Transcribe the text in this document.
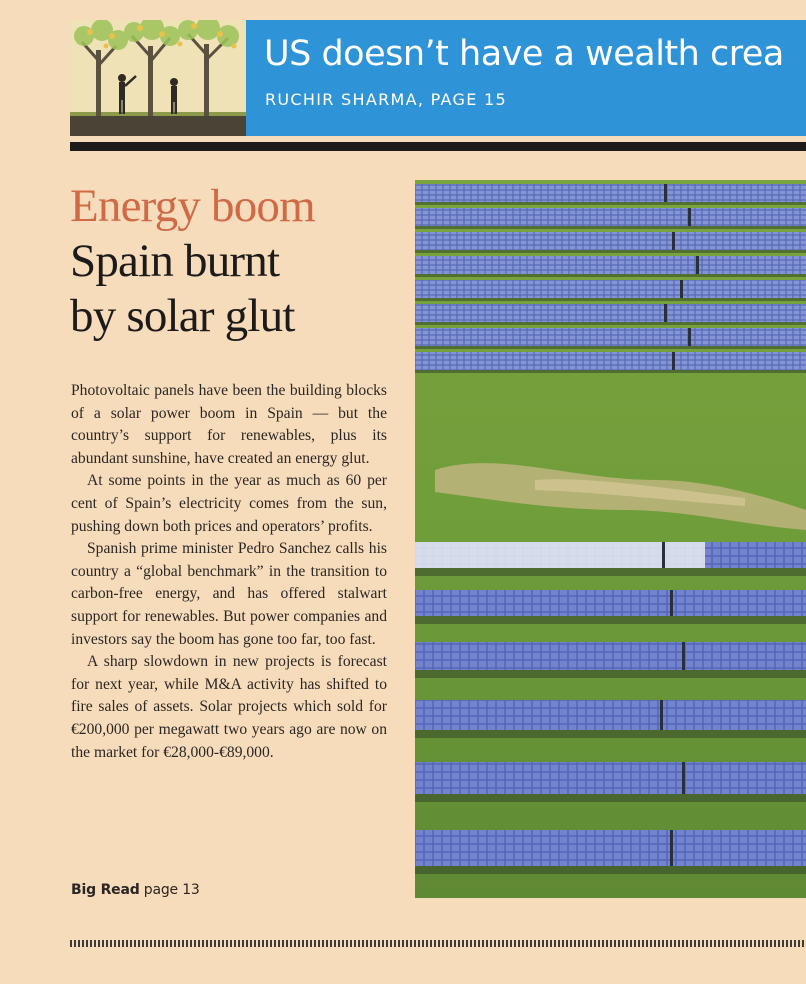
US doesn’t have a wealth crea
RUCHIR SHARMA, PAGE 15
Energy boom
Spain burnt
by solar glut

Photovoltaic panels have been the building blocks of a solar power boom in Spain — but the country’s support for renewables, plus its abundant sunshine, have created an energy glut.

At some points in the year as much as 60 per cent of Spain’s electricity comes from the sun, pushing down both prices and operators’ profits.

Spanish prime minister Pedro Sanchez calls his country a “global benchmark” in the transition to carbon-free energy, and has offered stalwart support for renewables. But power companies and investors say the boom has gone too far, too fast.

A sharp slowdown in new projects is forecast for next year, while M&A activity has shifted to fire sales of assets. Solar projects which sold for €200,000 per megawatt two years ago are now on the market for €28,000-€89,000.

Big Read page 13
